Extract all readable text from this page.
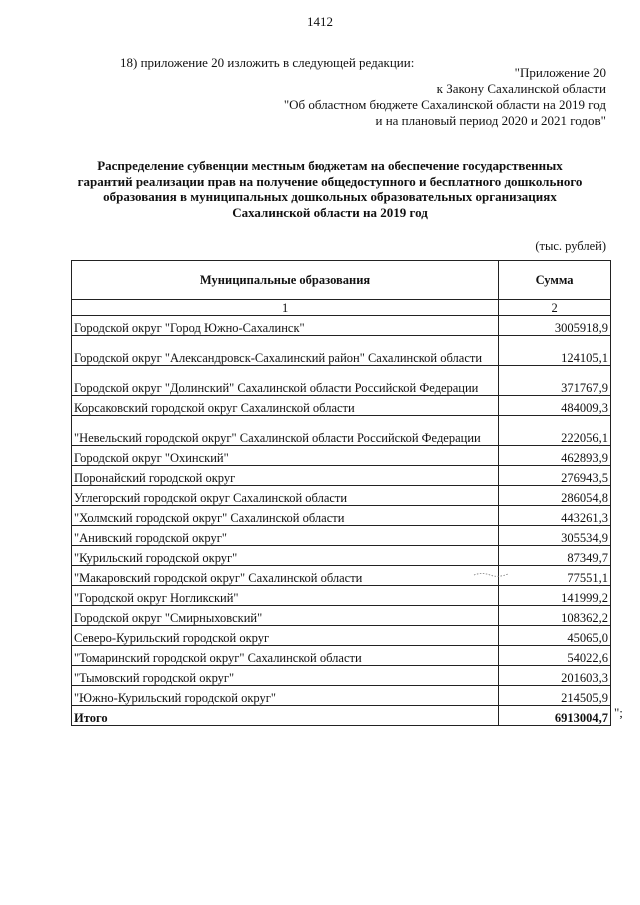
1412
18) приложение 20 изложить в следующей редакции:
"Приложение 20
к Закону Сахалинской области
"Об областном бюджете Сахалинской области на 2019 год
и на плановый период 2020 и 2021 годов"
Распределение субвенции местным бюджетам на обеспечение государственных
гарантий реализации прав на получение общедоступного и бесплатного дошкольного
образования в муниципальных дошкольных образовательных организациях
Сахалинской области на 2019 год
(тыс. рублей)
Муниципальные образования	Сумма
1	2
Городской округ "Город Южно-Сахалинск"	3005918,9
Городской округ "Александровск-Сахалинский район" Сахалинской области	124105,1
Городской округ "Долинский" Сахалинской области Российской Федерации	371767,9
Корсаковский городской округ Сахалинской области	484009,3
"Невельский городской округ" Сахалинской области Российской Федерации	222056,1
Городской округ "Охинский"	462893,9
Поронайский городской округ	276943,5
Углегорский городской округ Сахалинской области	286054,8
"Холмский городской округ" Сахалинской области	443261,3
"Анивский городской округ"	305534,9
"Курильский городской округ"	87349,7
"Макаровский городской округ" Сахалинской области	77551,1
"Городской округ Ногликский"	141999,2
Городской округ "Смирныховский"	108362,2
Северо-Курильский городской округ	45065,0
"Томаринский городской округ" Сахалинской области	54022,6
"Тымовский городской округ"	201603,3
"Южно-Курильский городской округ"	214505,9
Итого	6913004,7 ";
